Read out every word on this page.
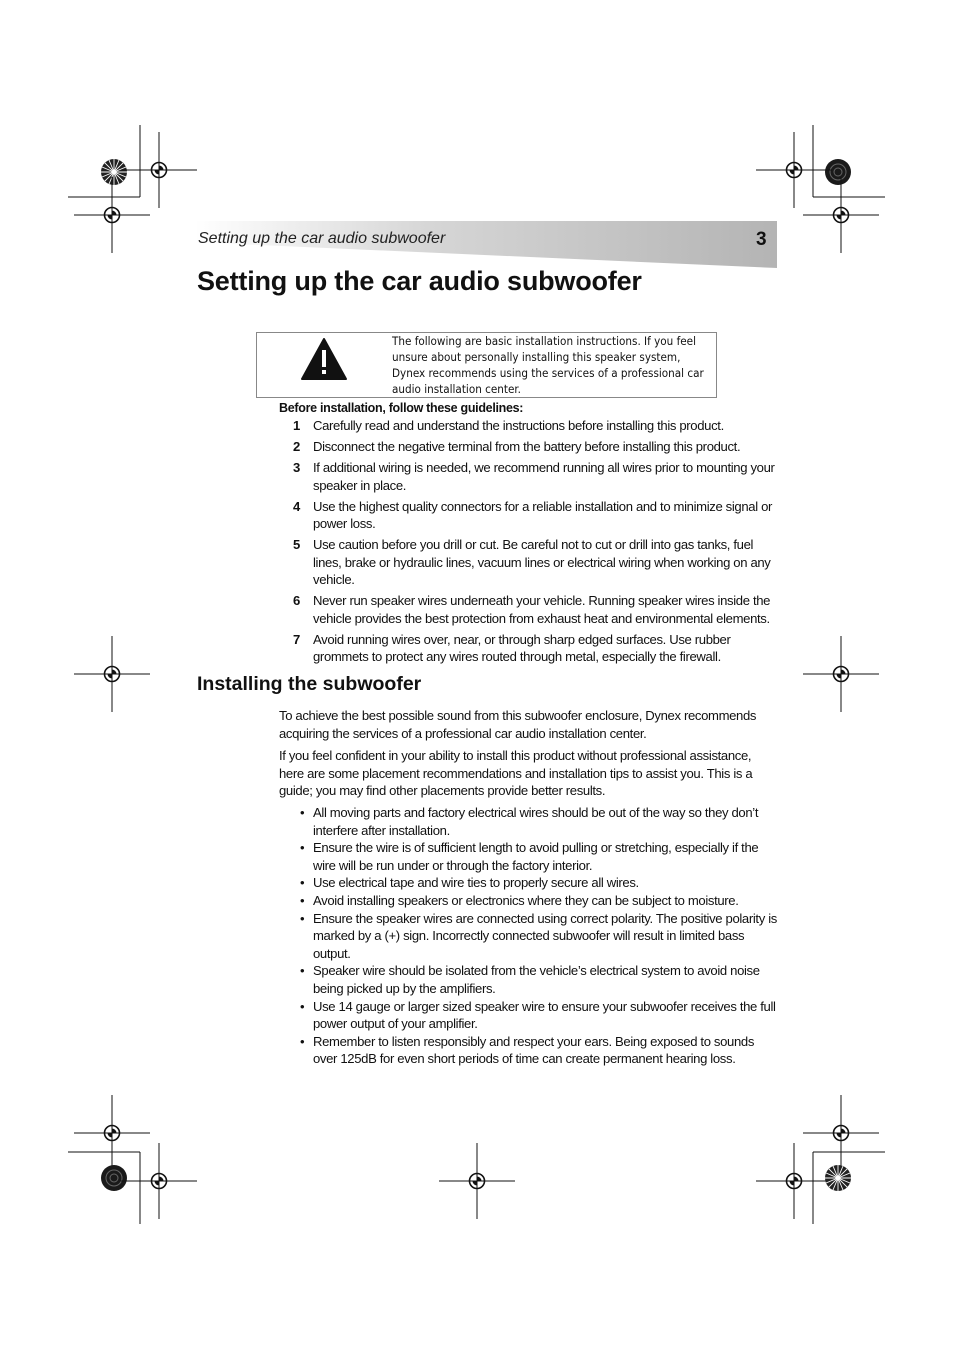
Setting up the car audio subwoofer	3
Setting up the car audio subwoofer
The following are basic installation instructions. If you feel unsure about personally installing this speaker system, Dynex recommends using the services of a professional car audio installation center.
Before installation, follow these guidelines:
1 Carefully read and understand the instructions before installing this product.
2 Disconnect the negative terminal from the battery before installing this product.
3 If additional wiring is needed, we recommend running all wires prior to mounting your speaker in place.
4 Use the highest quality connectors for a reliable installation and to minimize signal or power loss.
5 Use caution before you drill or cut. Be careful not to cut or drill into gas tanks, fuel lines, brake or hydraulic lines, vacuum lines or electrical wiring when working on any vehicle.
6 Never run speaker wires underneath your vehicle. Running speaker wires inside the vehicle provides the best protection from exhaust heat and environmental elements.
7 Avoid running wires over, near, or through sharp edged surfaces. Use rubber grommets to protect any wires routed through metal, especially the firewall.
Installing the subwoofer

To achieve the best possible sound from this subwoofer enclosure, Dynex recommends acquiring the services of a professional car audio installation center.

If you feel confident in your ability to install this product without professional assistance, here are some placement recommendations and installation tips to assist you. This is a guide; you may find other placements provide better results.

• All moving parts and factory electrical wires should be out of the way so they don’t interfere after installation.
• Ensure the wire is of sufficient length to avoid pulling or stretching, especially if the wire will be run under or through the factory interior.
• Use electrical tape and wire ties to properly secure all wires.
• Avoid installing speakers or electronics where they can be subject to moisture.
• Ensure the speaker wires are connected using correct polarity. The positive polarity is marked by a (+) sign. Incorrectly connected subwoofer will result in limited bass output.
• Speaker wire should be isolated from the vehicle’s electrical system to avoid noise being picked up by the amplifiers.
• Use 14 gauge or larger sized speaker wire to ensure your subwoofer receives the full power output of your amplifier.
• Remember to listen responsibly and respect your ears. Being exposed to sounds over 125dB for even short periods of time can create permanent hearing loss.
